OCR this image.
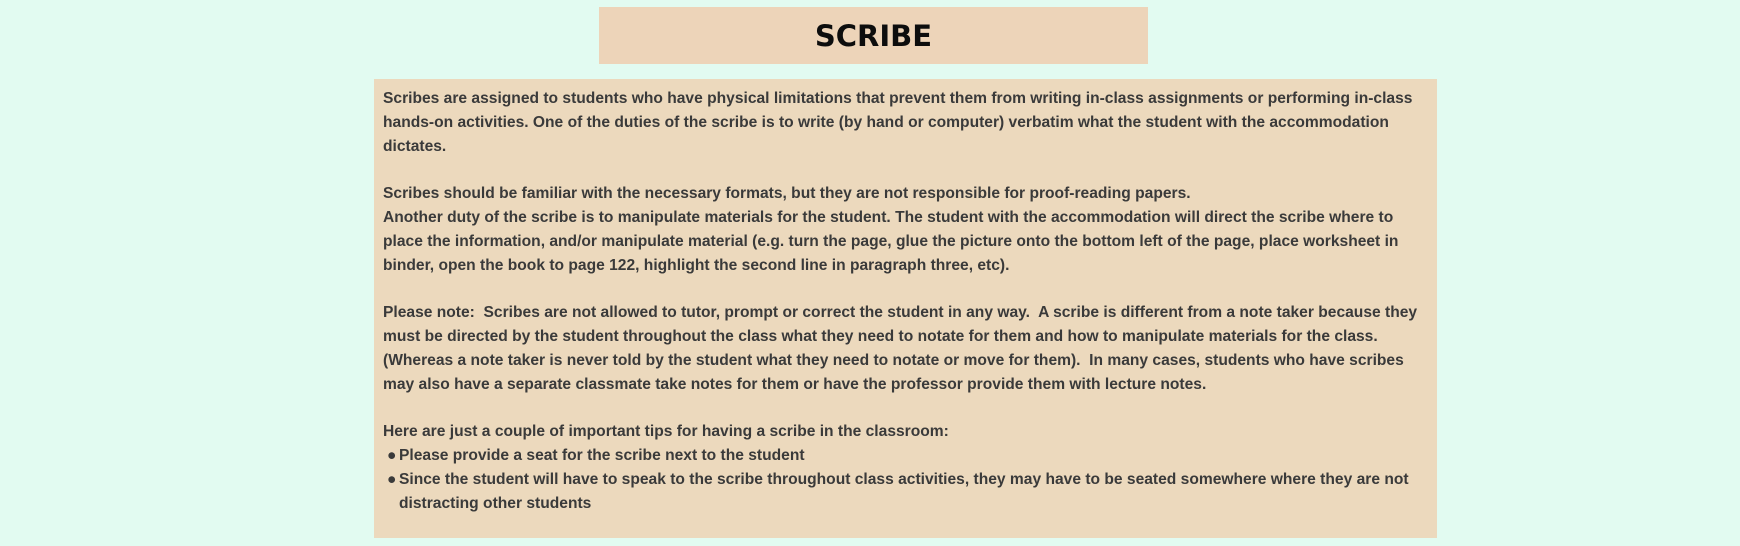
SCRIBE

Scribes are assigned to students who have physical limitations that prevent them from writing in-class assignments or performing in-class hands-on activities. One of the duties of the scribe is to write (by hand or computer) verbatim what the student with the accommodation dictates.

Scribes should be familiar with the necessary formats, but they are not responsible for proof-reading papers.

Another duty of the scribe is to manipulate materials for the student. The student with the accommodation will direct the scribe where to place the information, and/or manipulate material (e.g. turn the page, glue the picture onto the bottom left of the page, place worksheet in binder, open the book to page 122, highlight the second line in paragraph three, etc).

Please note:  Scribes are not allowed to tutor, prompt or correct the student in any way.  A scribe is different from a note taker because they must be directed by the student throughout the class what they need to notate for them and how to manipulate materials for the class. (Whereas a note taker is never told by the student what they need to notate or move for them).  In many cases, students who have scribes may also have a separate classmate take notes for them or have the professor provide them with lecture notes.

Here are just a couple of important tips for having a scribe in the classroom:

● Please provide a seat for the scribe next to the student
● Since the student will have to speak to the scribe throughout class activities, they may have to be seated somewhere where they are not distracting other students
